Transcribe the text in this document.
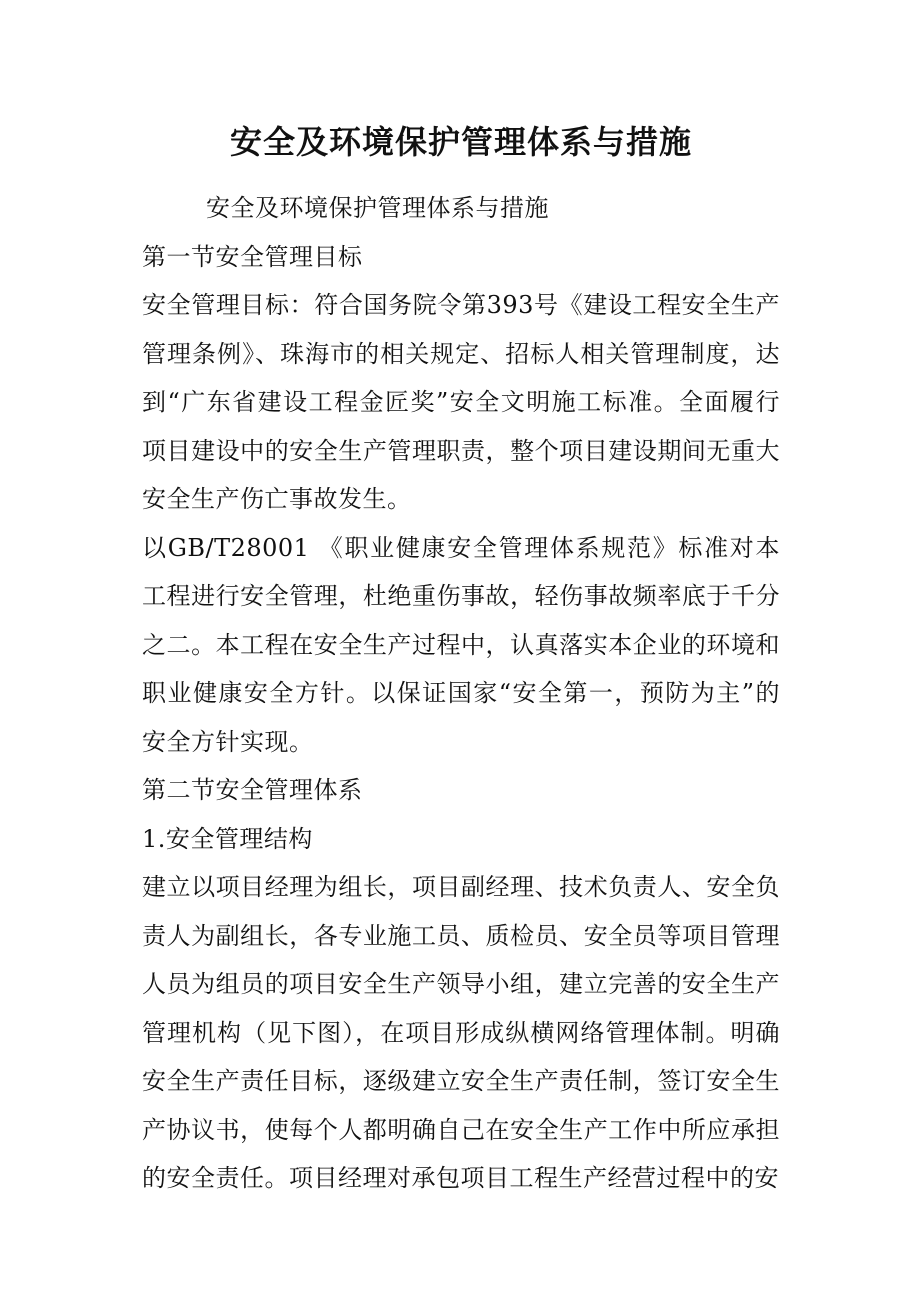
安全及环境保护管理体系与措施

安全及环境保护管理体系与措施

第一节安全管理目标

安全管理目标：符合国务院令第393号《建设工程安全生产管理条例》、珠海市的相关规定、招标人相关管理制度，达到“广东省建设工程金匠奖”安全文明施工标准。全面履行项目建设中的安全生产管理职责，整个项目建设期间无重大安全生产伤亡事故发生。

以GB/T28001 《职业健康安全管理体系规范》标准对本工程进行安全管理，杜绝重伤事故，轻伤事故频率底于千分之二。本工程在安全生产过程中，认真落实本企业的环境和职业健康安全方针。以保证国家“安全第一，预防为主”的安全方针实现。

第二节安全管理体系

1.安全管理结构

建立以项目经理为组长，项目副经理、技术负责人、安全负责人为副组长，各专业施工员、质检员、安全员等项目管理人员为组员的项目安全生产领导小组，建立完善的安全生产管理机构（见下图），在项目形成纵横网络管理体制。明确安全生产责任目标，逐级建立安全生产责任制，签订安全生产协议书，使每个人都明确自己在安全生产工作中所应承担的安全责任。项目经理对承包项目工程生产经营过程中的安
